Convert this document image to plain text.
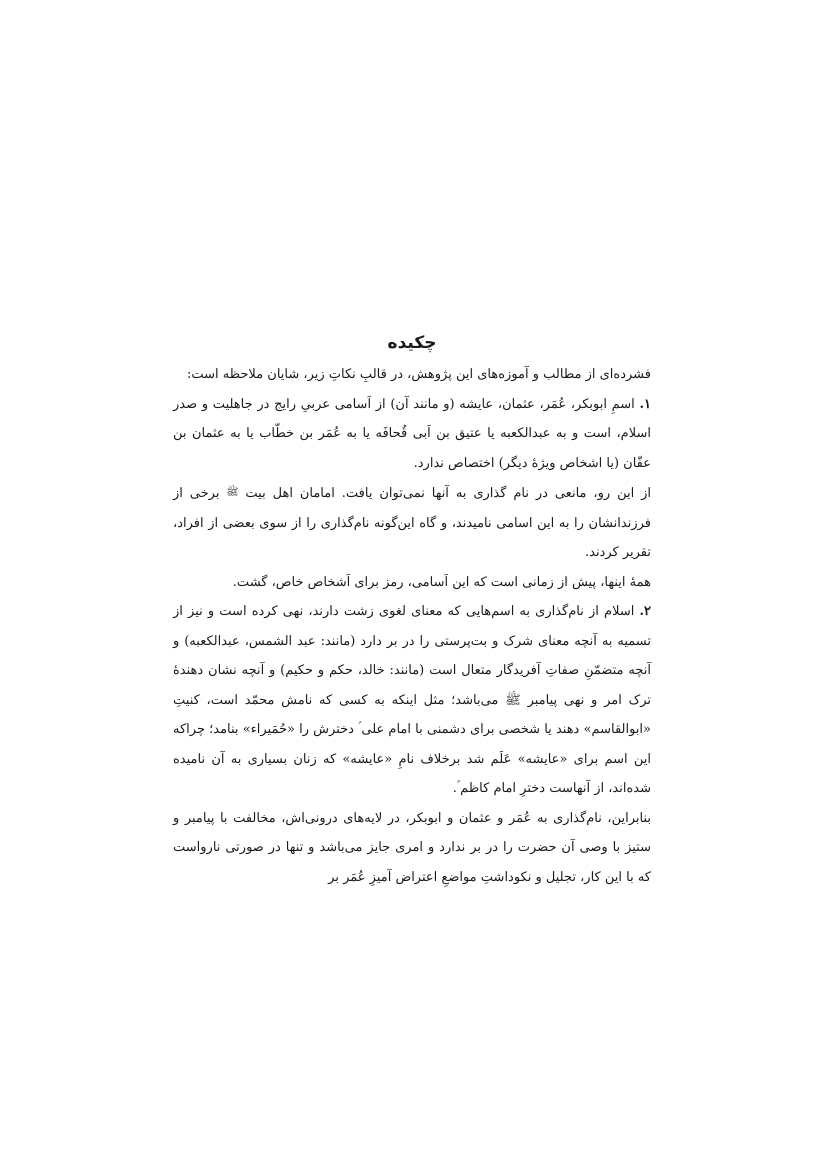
چکیده

فشرده‌ای از مطالب و آموزه‌های این پژوهش، در قالبِ نکاتِ زیر، شایان ملاحظه است:

۱. اسمِ ابوبکر، عُمَر، عثمان، عایشه (و مانند آن) از اَسامی عربیِ رایج در جاهلیت و صدر اسلام، است و به عبدالکعبه یا عتیق بن اَبی قُحافَه یا به عُمَر بن خطّاب یا به عثمان بن عفّان (یا اشخاص ویژهٔ دیگر) اختصاص ندارد.

از این رو، مانعی در نام گذاری به آنها نمی‌توان یافت. امامان اهل بیت ﷺ برخی از فرزندانشان را به این اسامی نامیدند، و گاه این‌گونه نام‌گذاری را از سوی بعضی از افراد، تقریر کردند.

همهٔ اینها، پیش از زمانی است که این اَسامی، رمز برای اَشخاص خاص، گشت.

۲. اسلام از نام‌گذاری به اسم‌هایی که معنای لغوی زشت دارند، نهی کرده است و نیز از تسمیه به آنچه معنای شرک و بت‌پرستی را در بر دارد (مانند: عبد الشمس، عبدالکعبه) و آنچه متضمّنِ صفاتِ آفریدگار متعال است (مانند: خالد، حکم و حکیم) و آنچه نشان دهندهٔ ترک امر و نهی پیامبر ﷺ می‌باشد؛ مثل اینکه به کسی که نامش محمّد است، کنیتِ «ابوالقاسم» دهند یا شخصی برای دشمنی با امام علی ؑ دخترش را «حُمَیراء» بنامد؛ چراکه این اسم برای «عایشه» عَلَم شد برخلاف نامِ «عایشه» که زنان بسیاری به آن نامیده شده‌اند، از آنهاست دخترِ امام کاظم ؑ.

بنابراین، نام‌گذاری به عُمَر و عثمان و ابوبکر، در لایه‌های درونی‌اش، مخالفت با پیامبر و ستیز با وصی آن حضرت را در بر ندارد و امری جایز می‌باشد و تنها در صورتی نارواست که با این کار، تجلیل و نکوداشتِ مواضعِ اعتراض آمیزِ عُمَر بر
